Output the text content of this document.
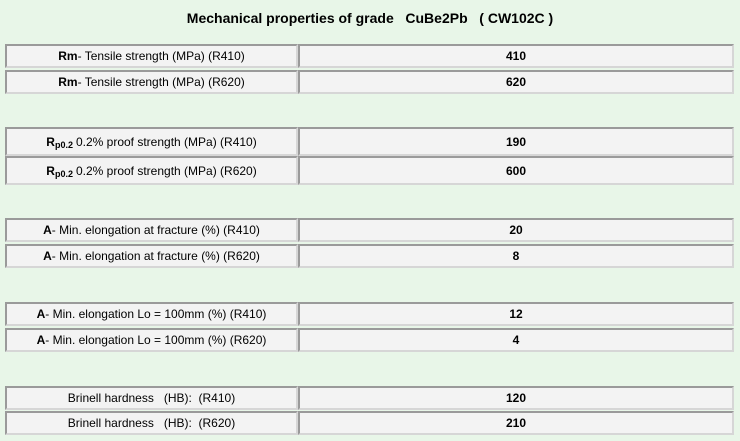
Mechanical properties of grade   CuBe2Pb   ( CW102C )
Rm - Tensile strength (MPa) (R410)	410
Rm - Tensile strength (MPa) (R620)	620
R p0.2 0.2% proof strength (MPa) (R410)	190
R p0.2 0.2% proof strength (MPa) (R620)	600
A - Min. elongation at fracture (%) (R410)	20
A - Min. elongation at fracture (%) (R620)	8
A - Min. elongation Lo = 100mm (%) (R410)	12
A - Min. elongation Lo = 100mm (%) (R620)	4
Brinell hardness   (HB):  (R410)	120
Brinell hardness   (HB):  (R620)	210
